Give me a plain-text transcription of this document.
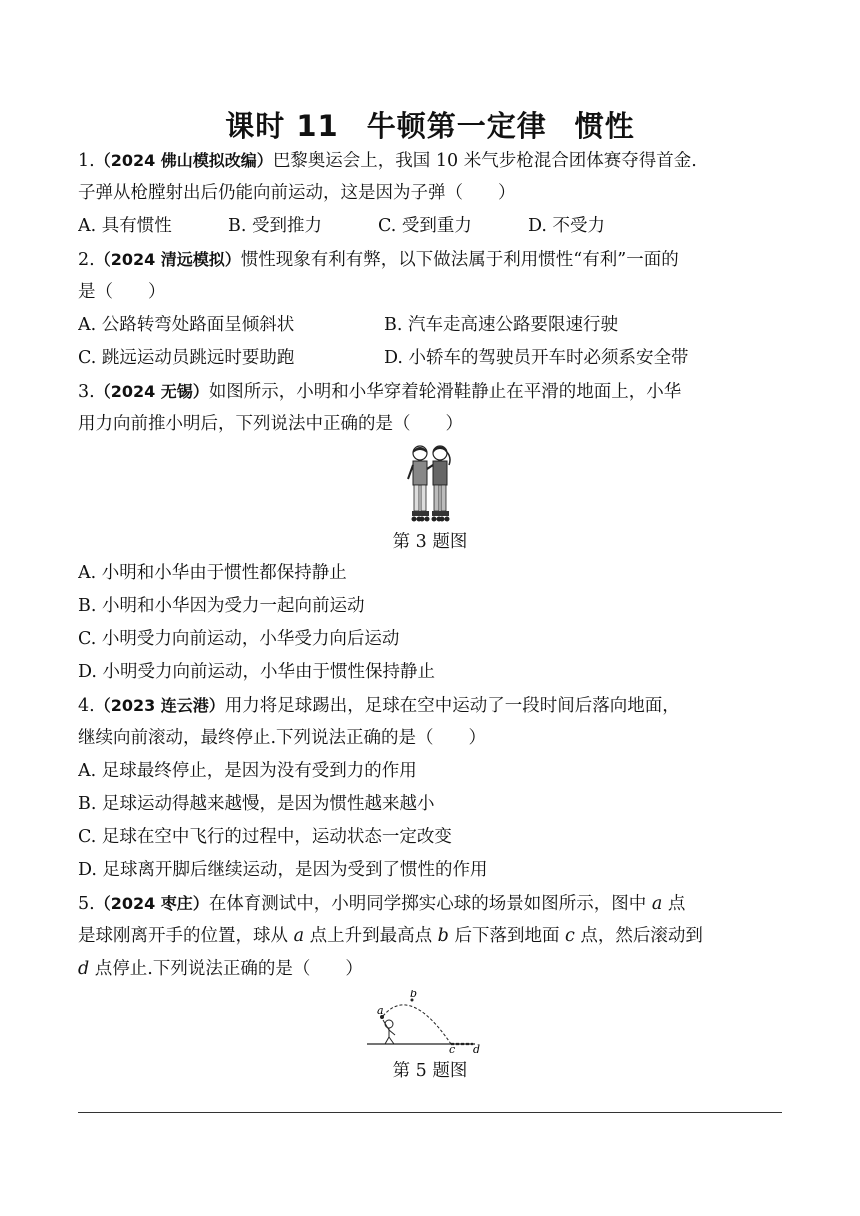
课时 11 牛顿第一定律 惯性
1.（2024 佛山模拟改编）巴黎奥运会上，我国 10 米气步枪混合团体赛夺得首金.
子弹从枪膛射出后仍能向前运动，这是因为子弹（　　）
A. 具有惯性	B. 受到推力	C. 受到重力	D. 不受力
2.（2024 清远模拟）惯性现象有利有弊，以下做法属于利用惯性“有利”一面的
是（　　）
A. 公路转弯处路面呈倾斜状	B. 汽车走高速公路要限速行驶
C. 跳远运动员跳远时要助跑	D. 小轿车的驾驶员开车时必须系安全带
3.（2024 无锡）如图所示，小明和小华穿着轮滑鞋静止在平滑的地面上，小华
用力向前推小明后，下列说法中正确的是（　　）
第 3 题图
A. 小明和小华由于惯性都保持静止
B. 小明和小华因为受力一起向前运动
C. 小明受力向前运动，小华受力向后运动
D. 小明受力向前运动，小华由于惯性保持静止
4.（2023 连云港）用力将足球踢出，足球在空中运动了一段时间后落向地面，
继续向前滚动，最终停止.下列说法正确的是（　　）
A. 足球最终停止，是因为没有受到力的作用
B. 足球运动得越来越慢，是因为惯性越来越小
C. 足球在空中飞行的过程中，运动状态一定改变
D. 足球离开脚后继续运动，是因为受到了惯性的作用
5.（2024 枣庄）在体育测试中，小明同学掷实心球的场景如图所示，图中 a 点
是球刚离开手的位置，球从 a 点上升到最高点 b 后下落到地面 c 点，然后滚动到
d 点停止.下列说法正确的是（　　）
a
b
c d
第 5 题图
